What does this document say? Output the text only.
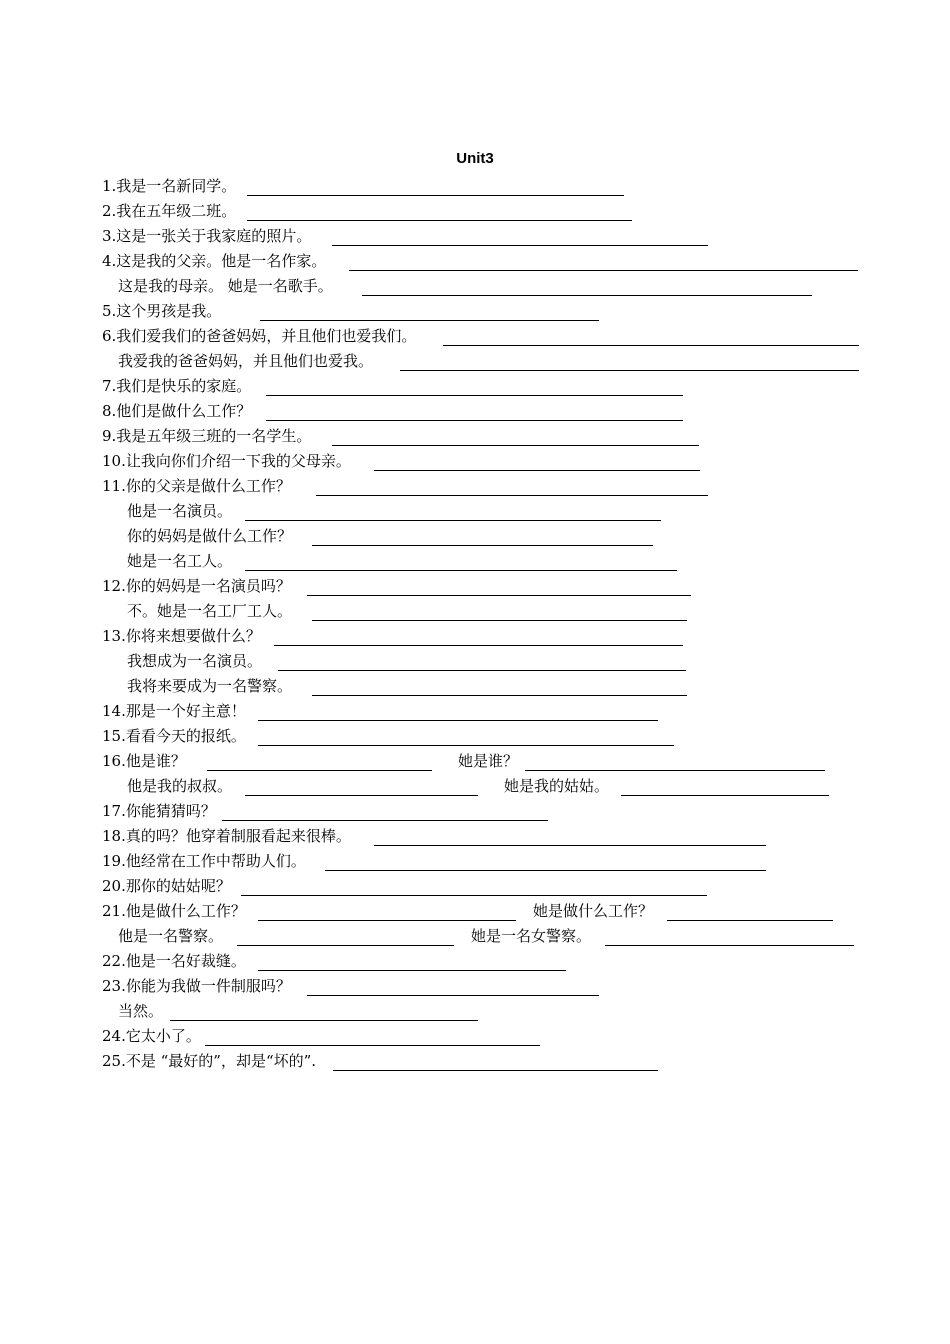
Unit3
1.我是一名新同学。
2.我在五年级二班。
3.这是一张关于我家庭的照片。
4.这是我的父亲。他是一名作家。
这是我的母亲。 她是一名歌手。
5.这个男孩是我。
6.我们爱我们的爸爸妈妈，并且他们也爱我们。
我爱我的爸爸妈妈，并且他们也爱我。
7.我们是快乐的家庭。
8.他们是做什么工作？
9.我是五年级三班的一名学生。
10.让我向你们介绍一下我的父母亲。
11.你的父亲是做什么工作？
他是一名演员。
你的妈妈是做什么工作？
她是一名工人。
12.你的妈妈是一名演员吗？
不。她是一名工厂工人。
13.你将来想要做什么？
我想成为一名演员。
我将来要成为一名警察。
14.那是一个好主意！
15.看看今天的报纸。
16.他是谁？	她是谁？
他是我的叔叔。	她是我的姑姑。
17.你能猜猜吗？
18.真的吗？他穿着制服看起来很棒。
19.他经常在工作中帮助人们。
20.那你的姑姑呢？
21.他是做什么工作？	她是做什么工作？
他是一名警察。	她是一名女警察。
22.他是一名好裁缝。
23.你能为我做一件制服吗？
当然。
24.它太小了。
25.不是 “最好的”，却是“坏的”.
